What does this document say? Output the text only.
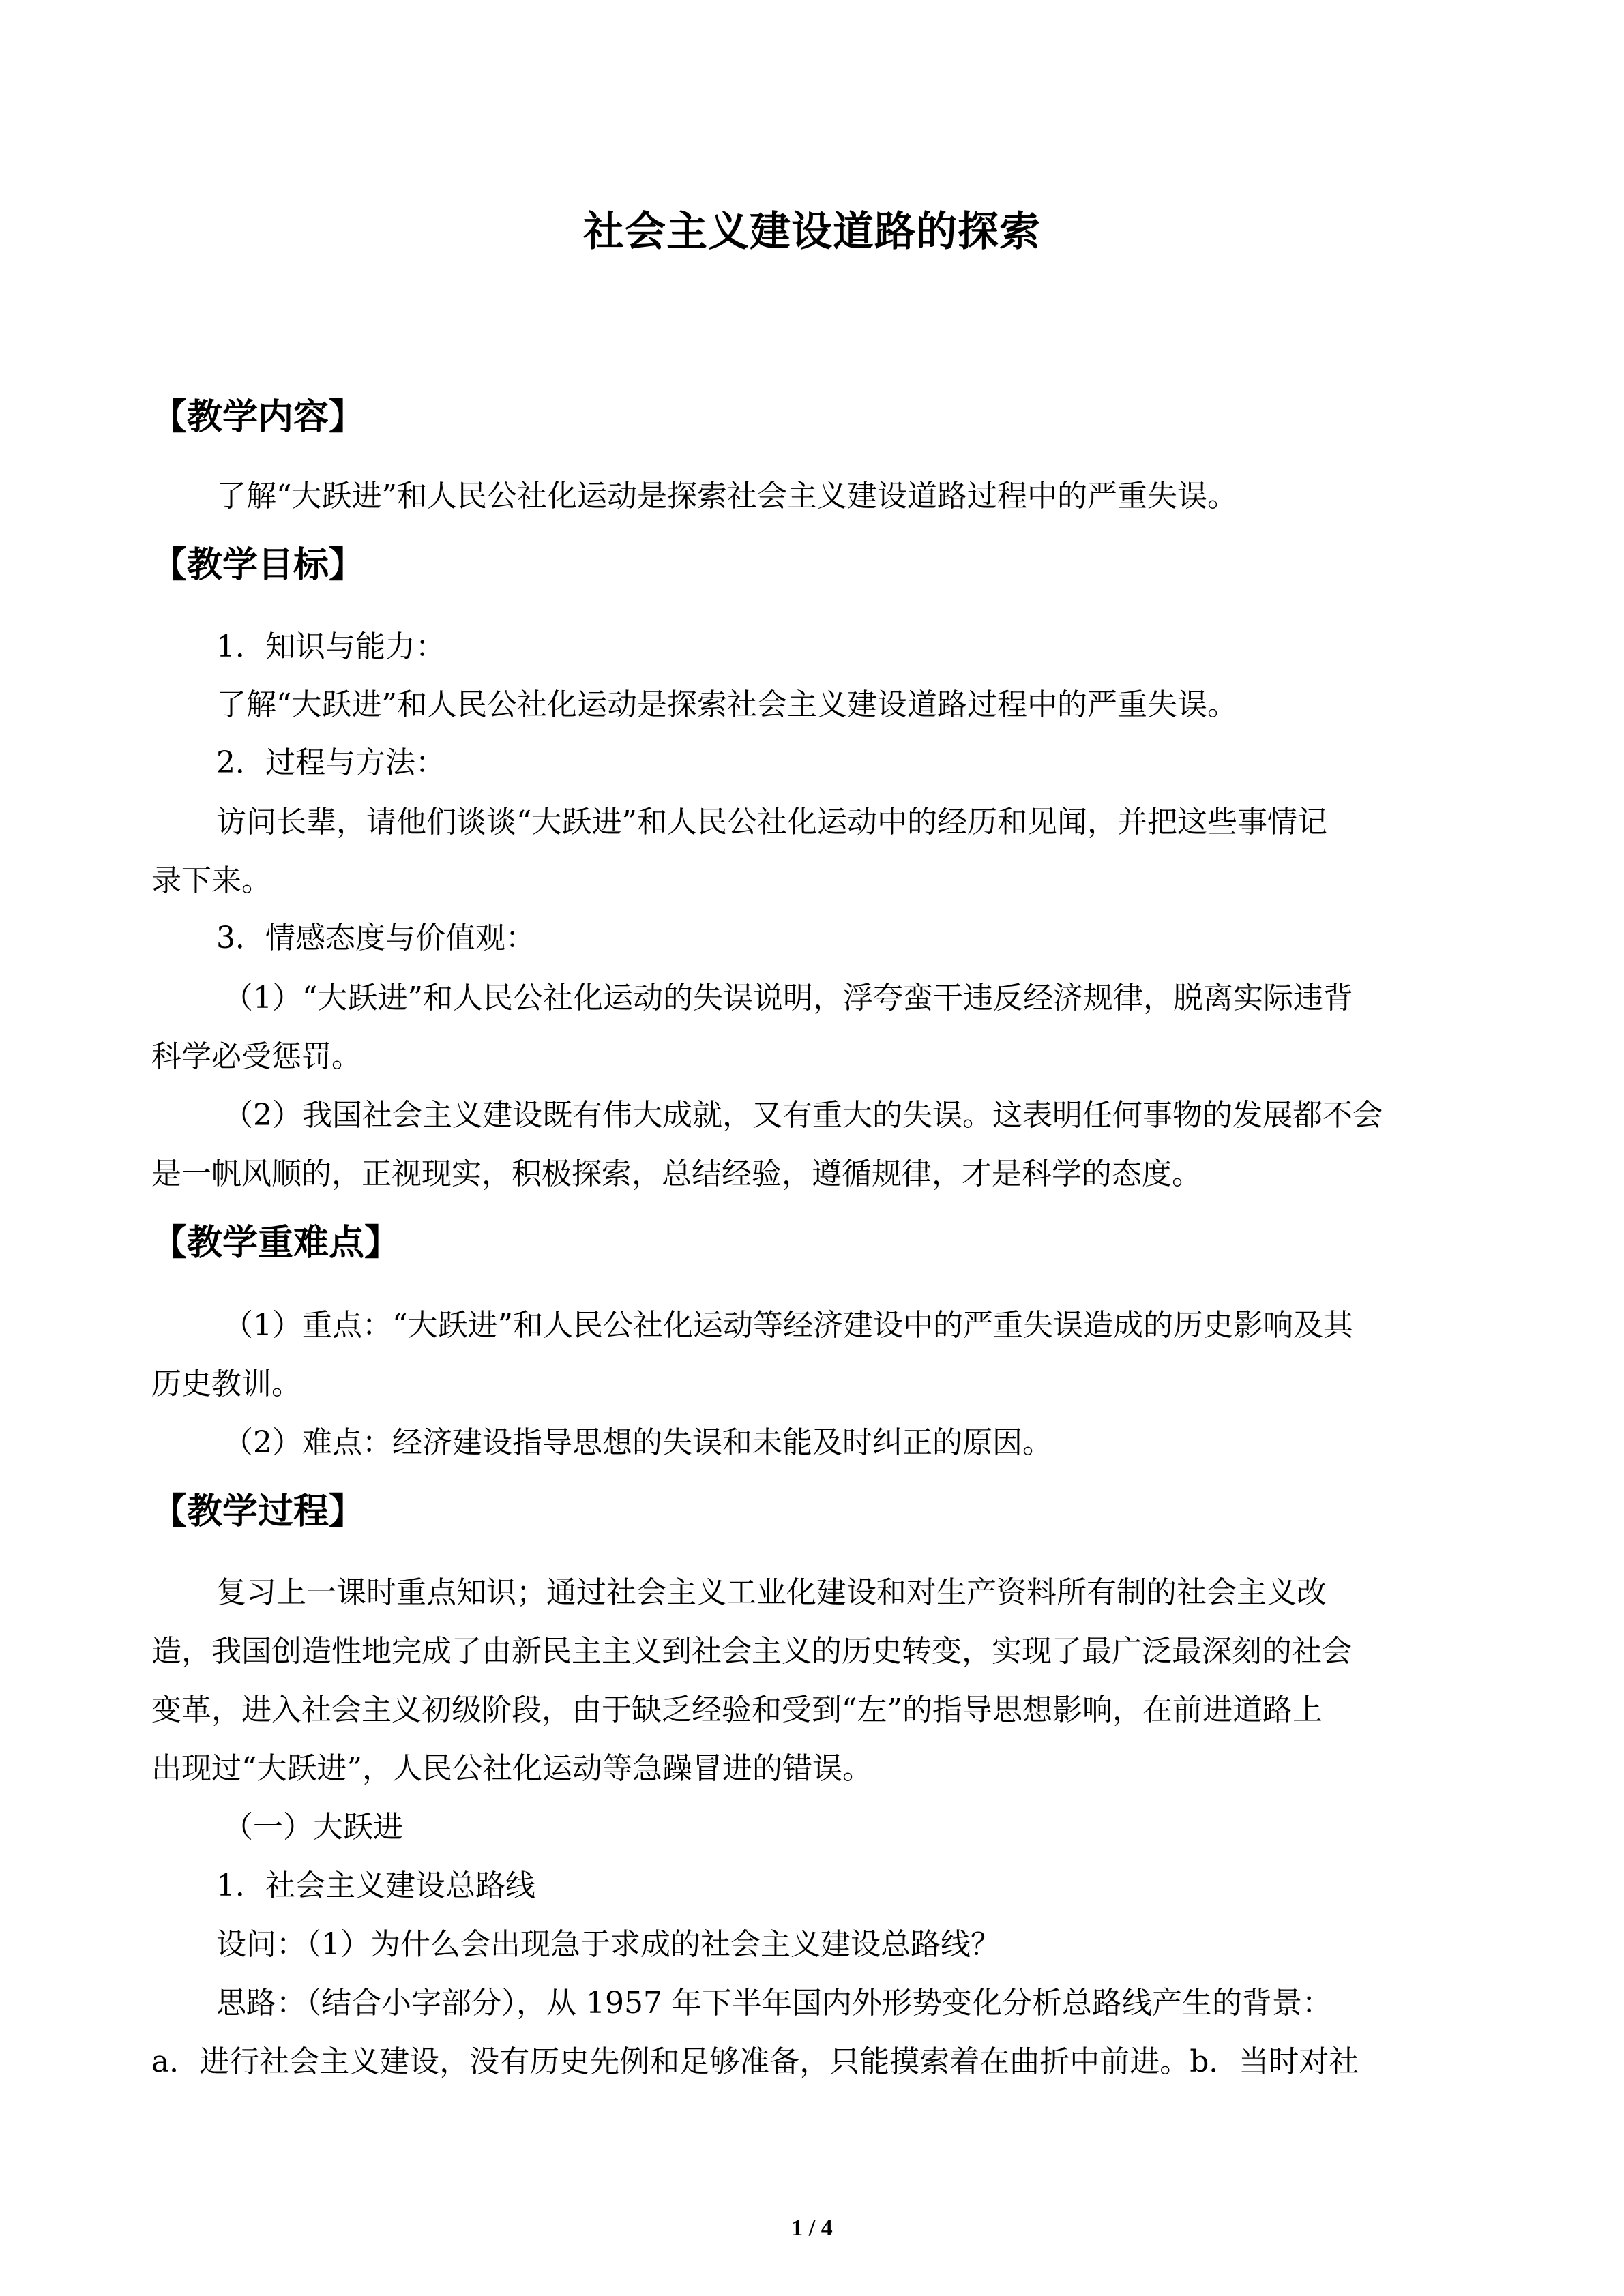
社会主义建设道路的探索
【教学内容】
了解“大跃进”和人民公社化运动是探索社会主义建设道路过程中的严重失误。
【教学目标】
1．知识与能力：
了解“大跃进”和人民公社化运动是探索社会主义建设道路过程中的严重失误。
2．过程与方法：
访问长辈，请他们谈谈“大跃进”和人民公社化运动中的经历和见闻，并把这些事情记
录下来。
3．情感态度与价值观：
（1）“大跃进”和人民公社化运动的失误说明，浮夸蛮干违反经济规律，脱离实际违背
科学必受惩罚。
（2）我国社会主义建设既有伟大成就，又有重大的失误。这表明任何事物的发展都不会
是一帆风顺的，正视现实，积极探索，总结经验，遵循规律，才是科学的态度。
【教学重难点】
（1）重点：“大跃进”和人民公社化运动等经济建设中的严重失误造成的历史影响及其
历史教训。
（2）难点：经济建设指导思想的失误和未能及时纠正的原因。
【教学过程】
复习上一课时重点知识；通过社会主义工业化建设和对生产资料所有制的社会主义改
造，我国创造性地完成了由新民主主义到社会主义的历史转变，实现了最广泛最深刻的社会
变革，进入社会主义初级阶段，由于缺乏经验和受到“左”的指导思想影响，在前进道路上
出现过“大跃进”，人民公社化运动等急躁冒进的错误。
（一）大跃进
1．社会主义建设总路线
设问：（1）为什么会出现急于求成的社会主义建设总路线？
思路：（结合小字部分），从 1957 年下半年国内外形势变化分析总路线产生的背景：
a．进行社会主义建设，没有历史先例和足够准备，只能摸索着在曲折中前进。b．当时对社
1 / 4
